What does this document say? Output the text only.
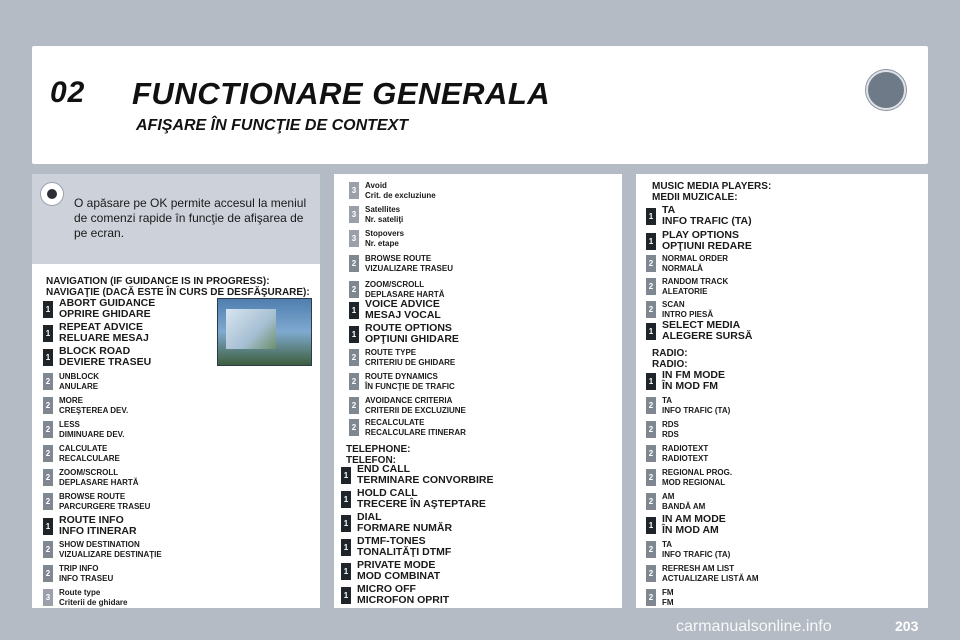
02 FUNCTIONARE GENERALA
AFIŞARE ÎN FUNCŢIE DE CONTEXT
O apăsare pe OK permite accesul la meniul de comenzi rapide în funcţie de afişarea de pe ecran.
NAVIGATION (IF GUIDANCE IS IN PROGRESS):
NAVIGAŢIE (DACĂ ESTE ÎN CURS DE DESFĂŞURARE):
1
ABORT GUIDANCE
OPRIRE GHIDARE
1
REPEAT ADVICE
RELUARE MESAJ
1
BLOCK ROAD
DEVIERE TRASEU
2
UNBLOCK
ANULARE
2
MORE
CREŞTEREA DEV.
2
LESS
DIMINUARE DEV.
2
CALCULATE
RECALCULARE
2
ZOOM/SCROLL
DEPLASARE HARTĂ
2
BROWSE ROUTE
PARCURGERE TRASEU
1
ROUTE INFO
INFO ITINERAR
2
SHOW DESTINATION
VIZUALIZARE DESTINAŢIE
2
TRIP INFO
INFO TRASEU
3
Route type
Criterii de ghidare
3
Avoid
Crit. de excluziune
3
Satellites
Nr. sateliţi
3
Stopovers
Nr. etape
2
BROWSE ROUTE
VIZUALIZARE TRASEU
2
ZOOM/SCROLL
DEPLASARE HARTĂ
1
VOICE ADVICE
MESAJ VOCAL
1
ROUTE OPTIONS
OPŢIUNI GHIDARE
2
ROUTE TYPE
CRITERIU DE GHIDARE
2
ROUTE DYNAMICS
ÎN FUNCŢIE DE TRAFIC
2
AVOIDANCE CRITERIA
CRITERII DE EXCLUZIUNE
2
RECALCULATE
RECALCULARE ITINERAR
TELEPHONE:
TELEFON:
1
END CALL
TERMINARE CONVORBIRE
1
HOLD CALL
TRECERE ÎN AŞTEPTARE
1
DIAL
FORMARE NUMĂR
1
DTMF-TONES
TONALITĂŢI DTMF
1
PRIVATE MODE
MOD COMBINAT
1
MICRO OFF
MICROFON OPRIT
MUSIC MEDIA PLAYERS:
MEDII MUZICALE:
1
TA
INFO TRAFIC (TA)
1
PLAY OPTIONS
OPŢIUNI REDARE
2
NORMAL ORDER
NORMALĂ
2
RANDOM TRACK
ALEATORIE
2
SCAN
INTRO PIESĂ
1
SELECT MEDIA
ALEGERE SURSĂ
RADIO:
RADIO:
1
IN FM MODE
ÎN MOD FM
2
TA
INFO TRAFIC (TA)
2
RDS
RDS
2
RADIOTEXT
RADIOTEXT
2
REGIONAL PROG.
MOD REGIONAL
2
AM
BANDĂ AM
1
IN AM MODE
ÎN MOD AM
2
TA
INFO TRAFIC (TA)
2
REFRESH AM LIST
ACTUALIZARE LISTĂ AM
2
FM
FM
carmanualsonline.info	203
